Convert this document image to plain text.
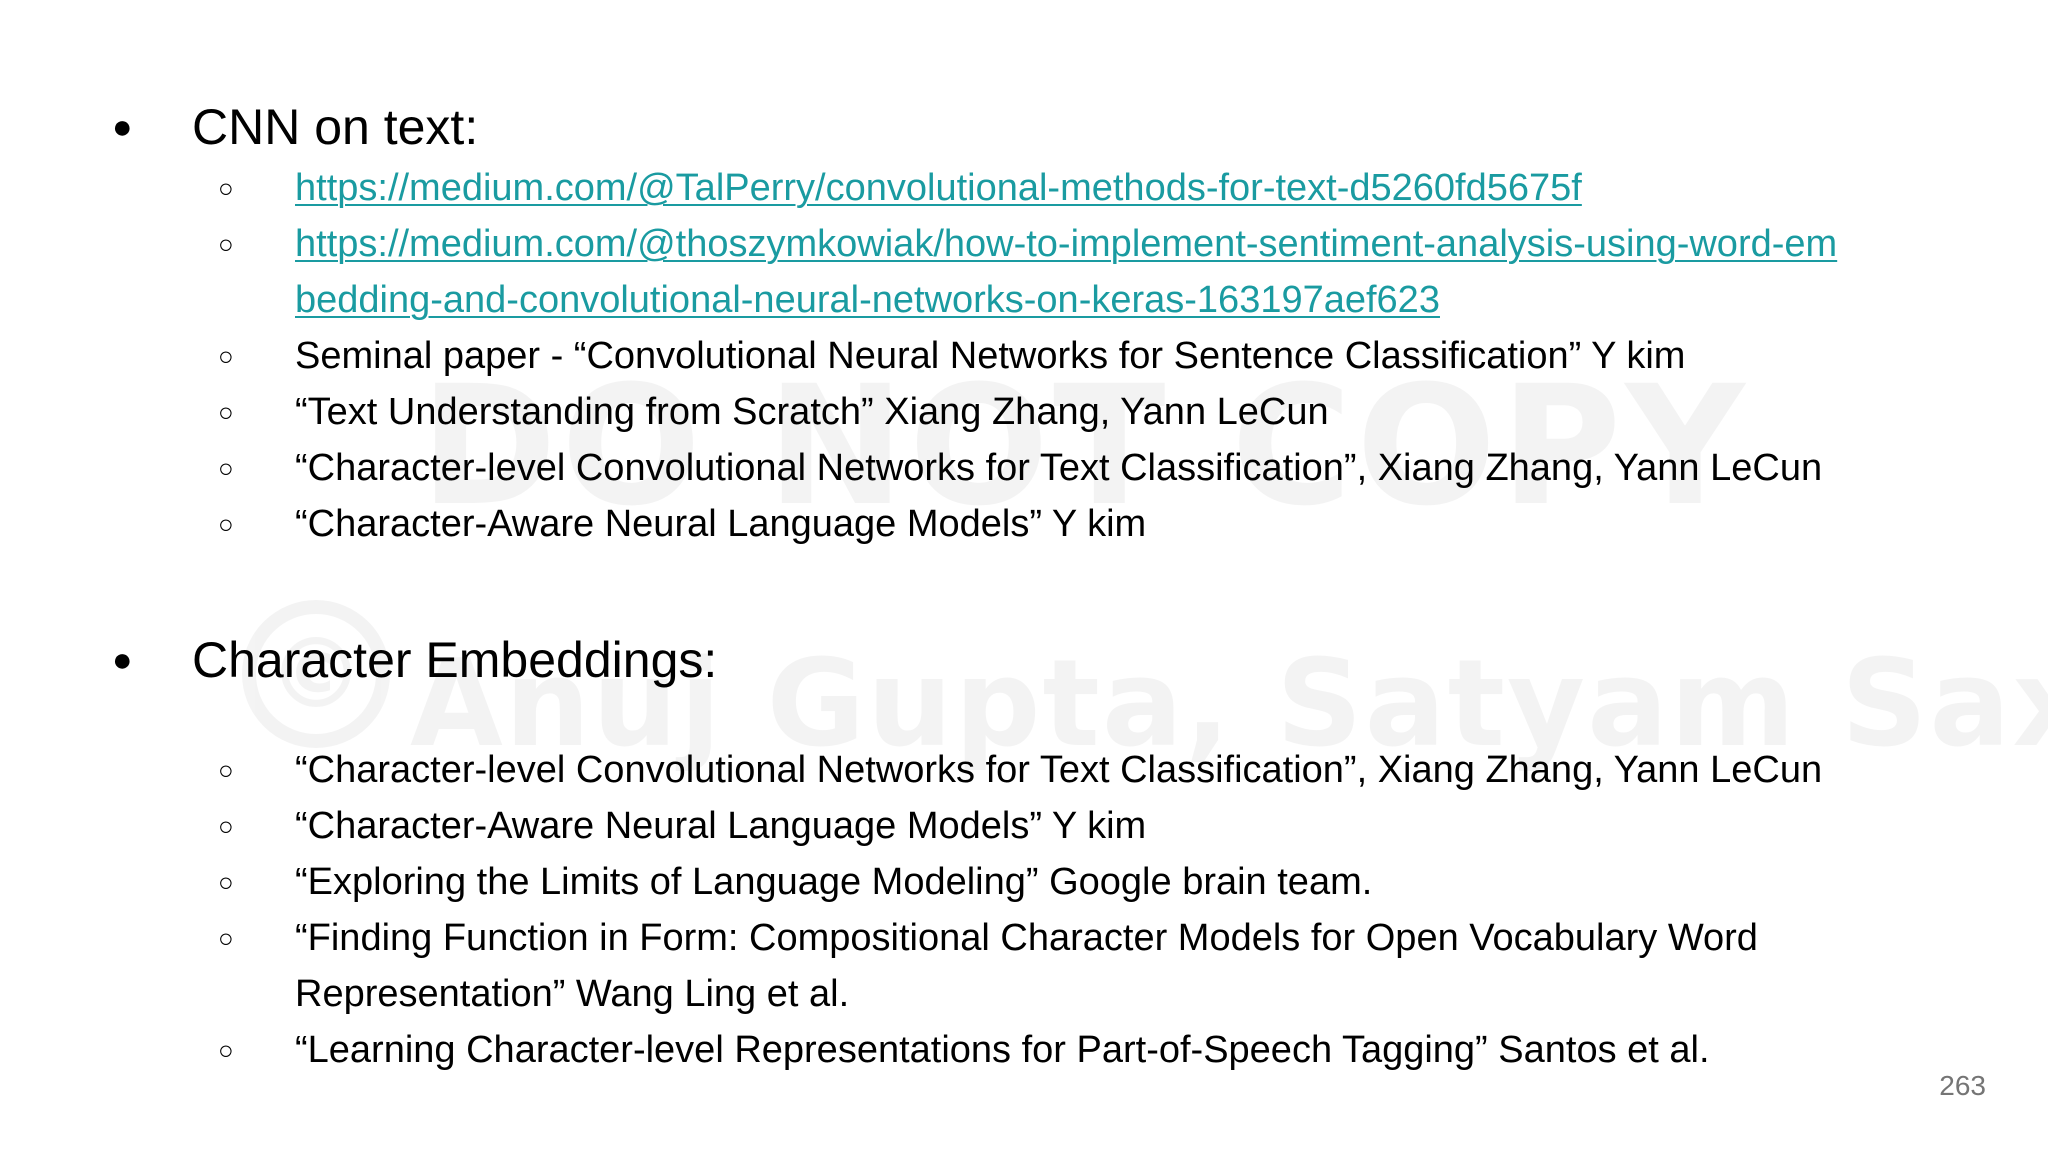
● CNN on text:
○ https://medium.com/@TalPerry/convolutional-methods-for-text-d5260fd5675f
○ https://medium.com/@thoszymkowiak/how-to-implement-sentiment-analysis-using-word-em
bedding-and-convolutional-neural-networks-on-keras-163197aef623
○ Seminal paper - “Convolutional Neural Networks for Sentence Classification” Y kim
○ “Text Understanding from Scratch” Xiang Zhang, Yann LeCun
○ “Character-level Convolutional Networks for Text Classification”, Xiang Zhang, Yann LeCun
○ “Character-Aware Neural Language Models” Y kim
● Character Embeddings:
○ “Character-level Convolutional Networks for Text Classification”, Xiang Zhang, Yann LeCun
○ “Character-Aware Neural Language Models” Y kim
○ “Exploring the Limits of Language Modeling” Google brain team.
○ “Finding Function in Form: Compositional Character Models for Open Vocabulary Word
Representation” Wang Ling et al.
○ “Learning Character-level Representations for Part-of-Speech Tagging” Santos et al.
263
